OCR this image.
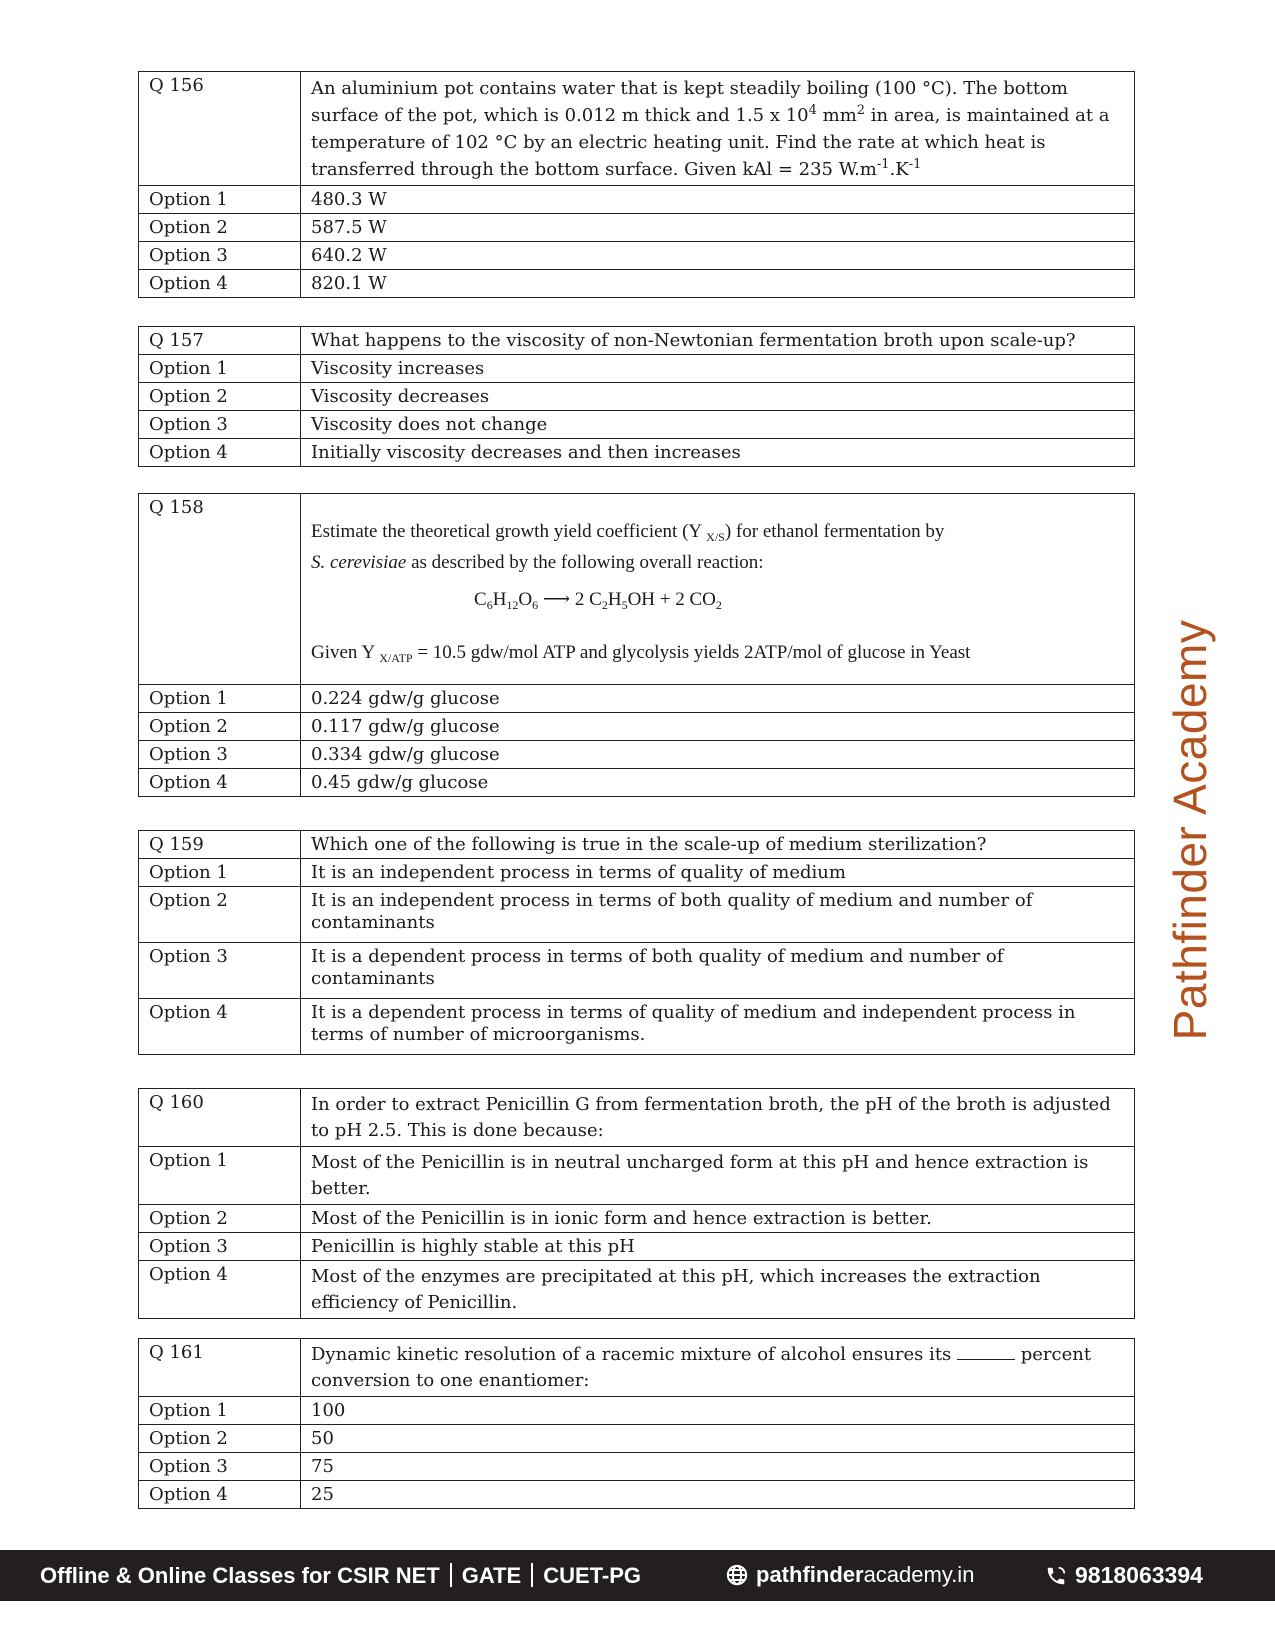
Q 156	An aluminium pot contains water that is kept steadily boiling (100 °C). The bottom surface of the pot, which is 0.012 m thick and 1.5 x $10^4$ $mm^2$ in area, is maintained at a temperature of 102 °C by an electric heating unit. Find the rate at which heat is transferred through the bottom surface. Given kAl = 235 $W.m^{-1}.K^{-1}$
Option 1	480.3 W
Option 2	587.5 W
Option 3	640.2 W
Option 4	820.1 W
Q 157	What happens to the viscosity of non-Newtonian fermentation broth upon scale-up?
Option 1	Viscosity increases
Option 2	Viscosity decreases
Option 3	Viscosity does not change
Option 4	Initially viscosity decreases and then increases
Q 158	Estimate the theoretical growth yield coefficient (Y $_{X/S}$) for ethanol fermentation by
S. cerevisiae as described by the following overall reaction:
$C_6H_{12}O_6$ ⟶ 2 $C_2H_5OH + 2$ $CO_2$
Given Y $_{X/ATP}$ = 10.5 gdw/mol ATP and glycolysis yields 2ATP/mol of glucose in Yeast

Option 1	0.224 gdw/g glucose
Option 2	0.117 gdw/g glucose
Option 3	0.334 gdw/g glucose
Option 4	0.45 gdw/g glucose
Q 159	Which one of the following is true in the scale-up of medium sterilization?
Option 1	It is an independent process in terms of quality of medium
Option 2	It is an independent process in terms of both quality of medium and number of contaminants
Option 3	It is a dependent process in terms of both quality of medium and number of contaminants
Option 4	It is a dependent process in terms of quality of medium and independent process in terms of number of microorganisms.
Q 160	In order to extract Penicillin G from fermentation broth, the pH of the broth is adjusted to pH 2.5. This is done because:
Option 1	Most of the Penicillin is in neutral uncharged form at this pH and hence extraction is better.
Option 2	Most of the Penicillin is in ionic form and hence extraction is better.
Option 3	Penicillin is highly stable at this pH
Option 4	Most of the enzymes are precipitated at this pH, which increases the extraction efficiency of Penicillin.
Q 161	Dynamic kinetic resolution of a racemic mixture of alcohol ensures its percent conversion to one enantiomer:
Option 1	100
Option 2	50
Option 3	75
Option 4	25
Pathfinder Academy
Offline & Online Classes for CSIR NET GATE CUET-PG	pathfinderacademy.in	9818063394
